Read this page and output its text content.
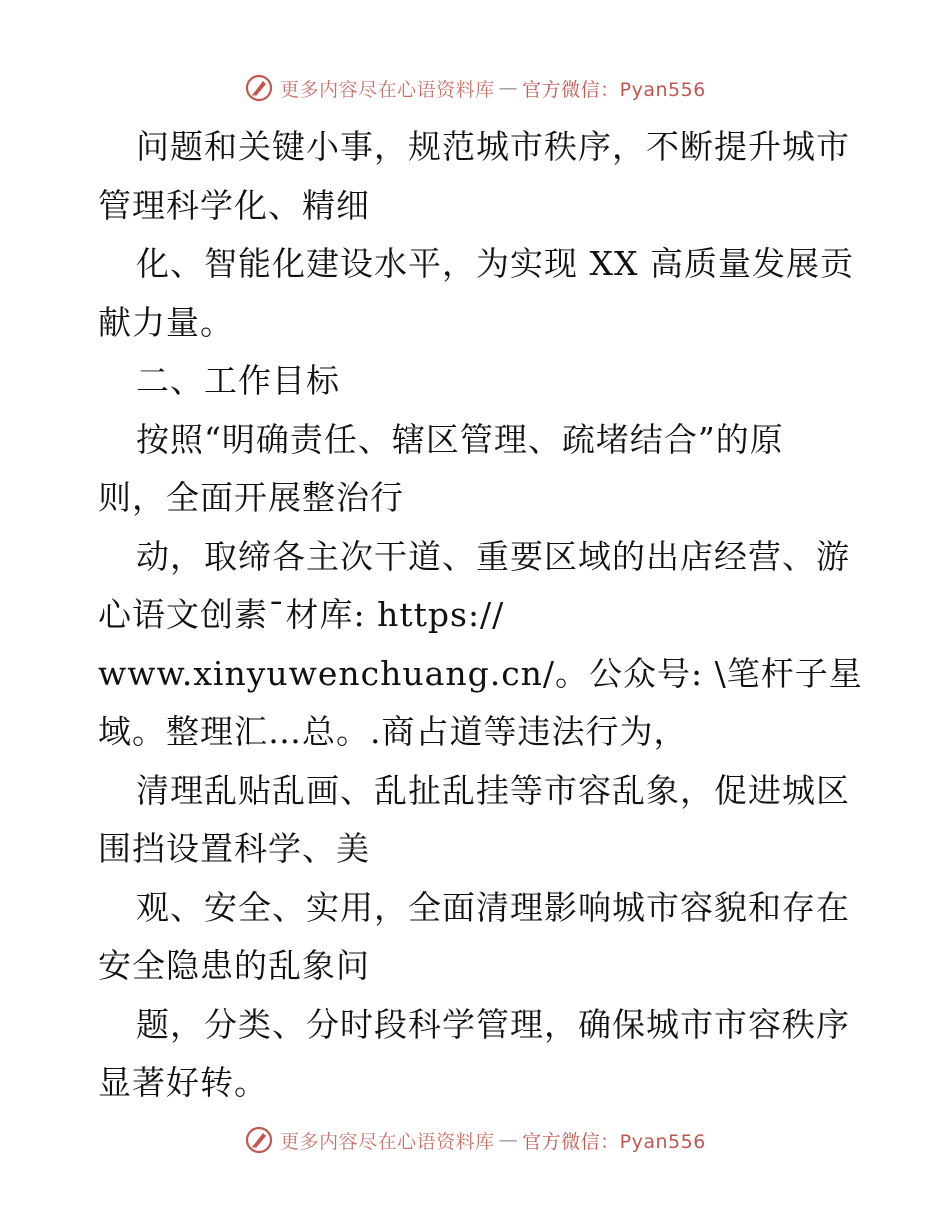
更多内容尽在心语资料库 — 官方微信：Pyan556
问题和关键小事，规范城市秩序，不断提升城市
管理科学化、精细
化、智能化建设水平，为实现 XX 高质量发展贡
献力量。
二、工作目标
按照“明确责任、辖区管理、疏堵结合”的原
则，全面开展整治行
动，取缔各主次干道、重要区域的出店经营、游
心语文创素¯材库: https://
www.xinyuwenchuang.cn/。公众号: \笔杆子星
域。整理汇…总。.商占道等违法行为，
清理乱贴乱画、乱扯乱挂等市容乱象，促进城区
围挡设置科学、美
观、安全、实用，全面清理影响城市容貌和存在
安全隐患的乱象问
题，分类、分时段科学管理，确保城市市容秩序
显著好转。
更多内容尽在心语资料库 — 官方微信：Pyan556
